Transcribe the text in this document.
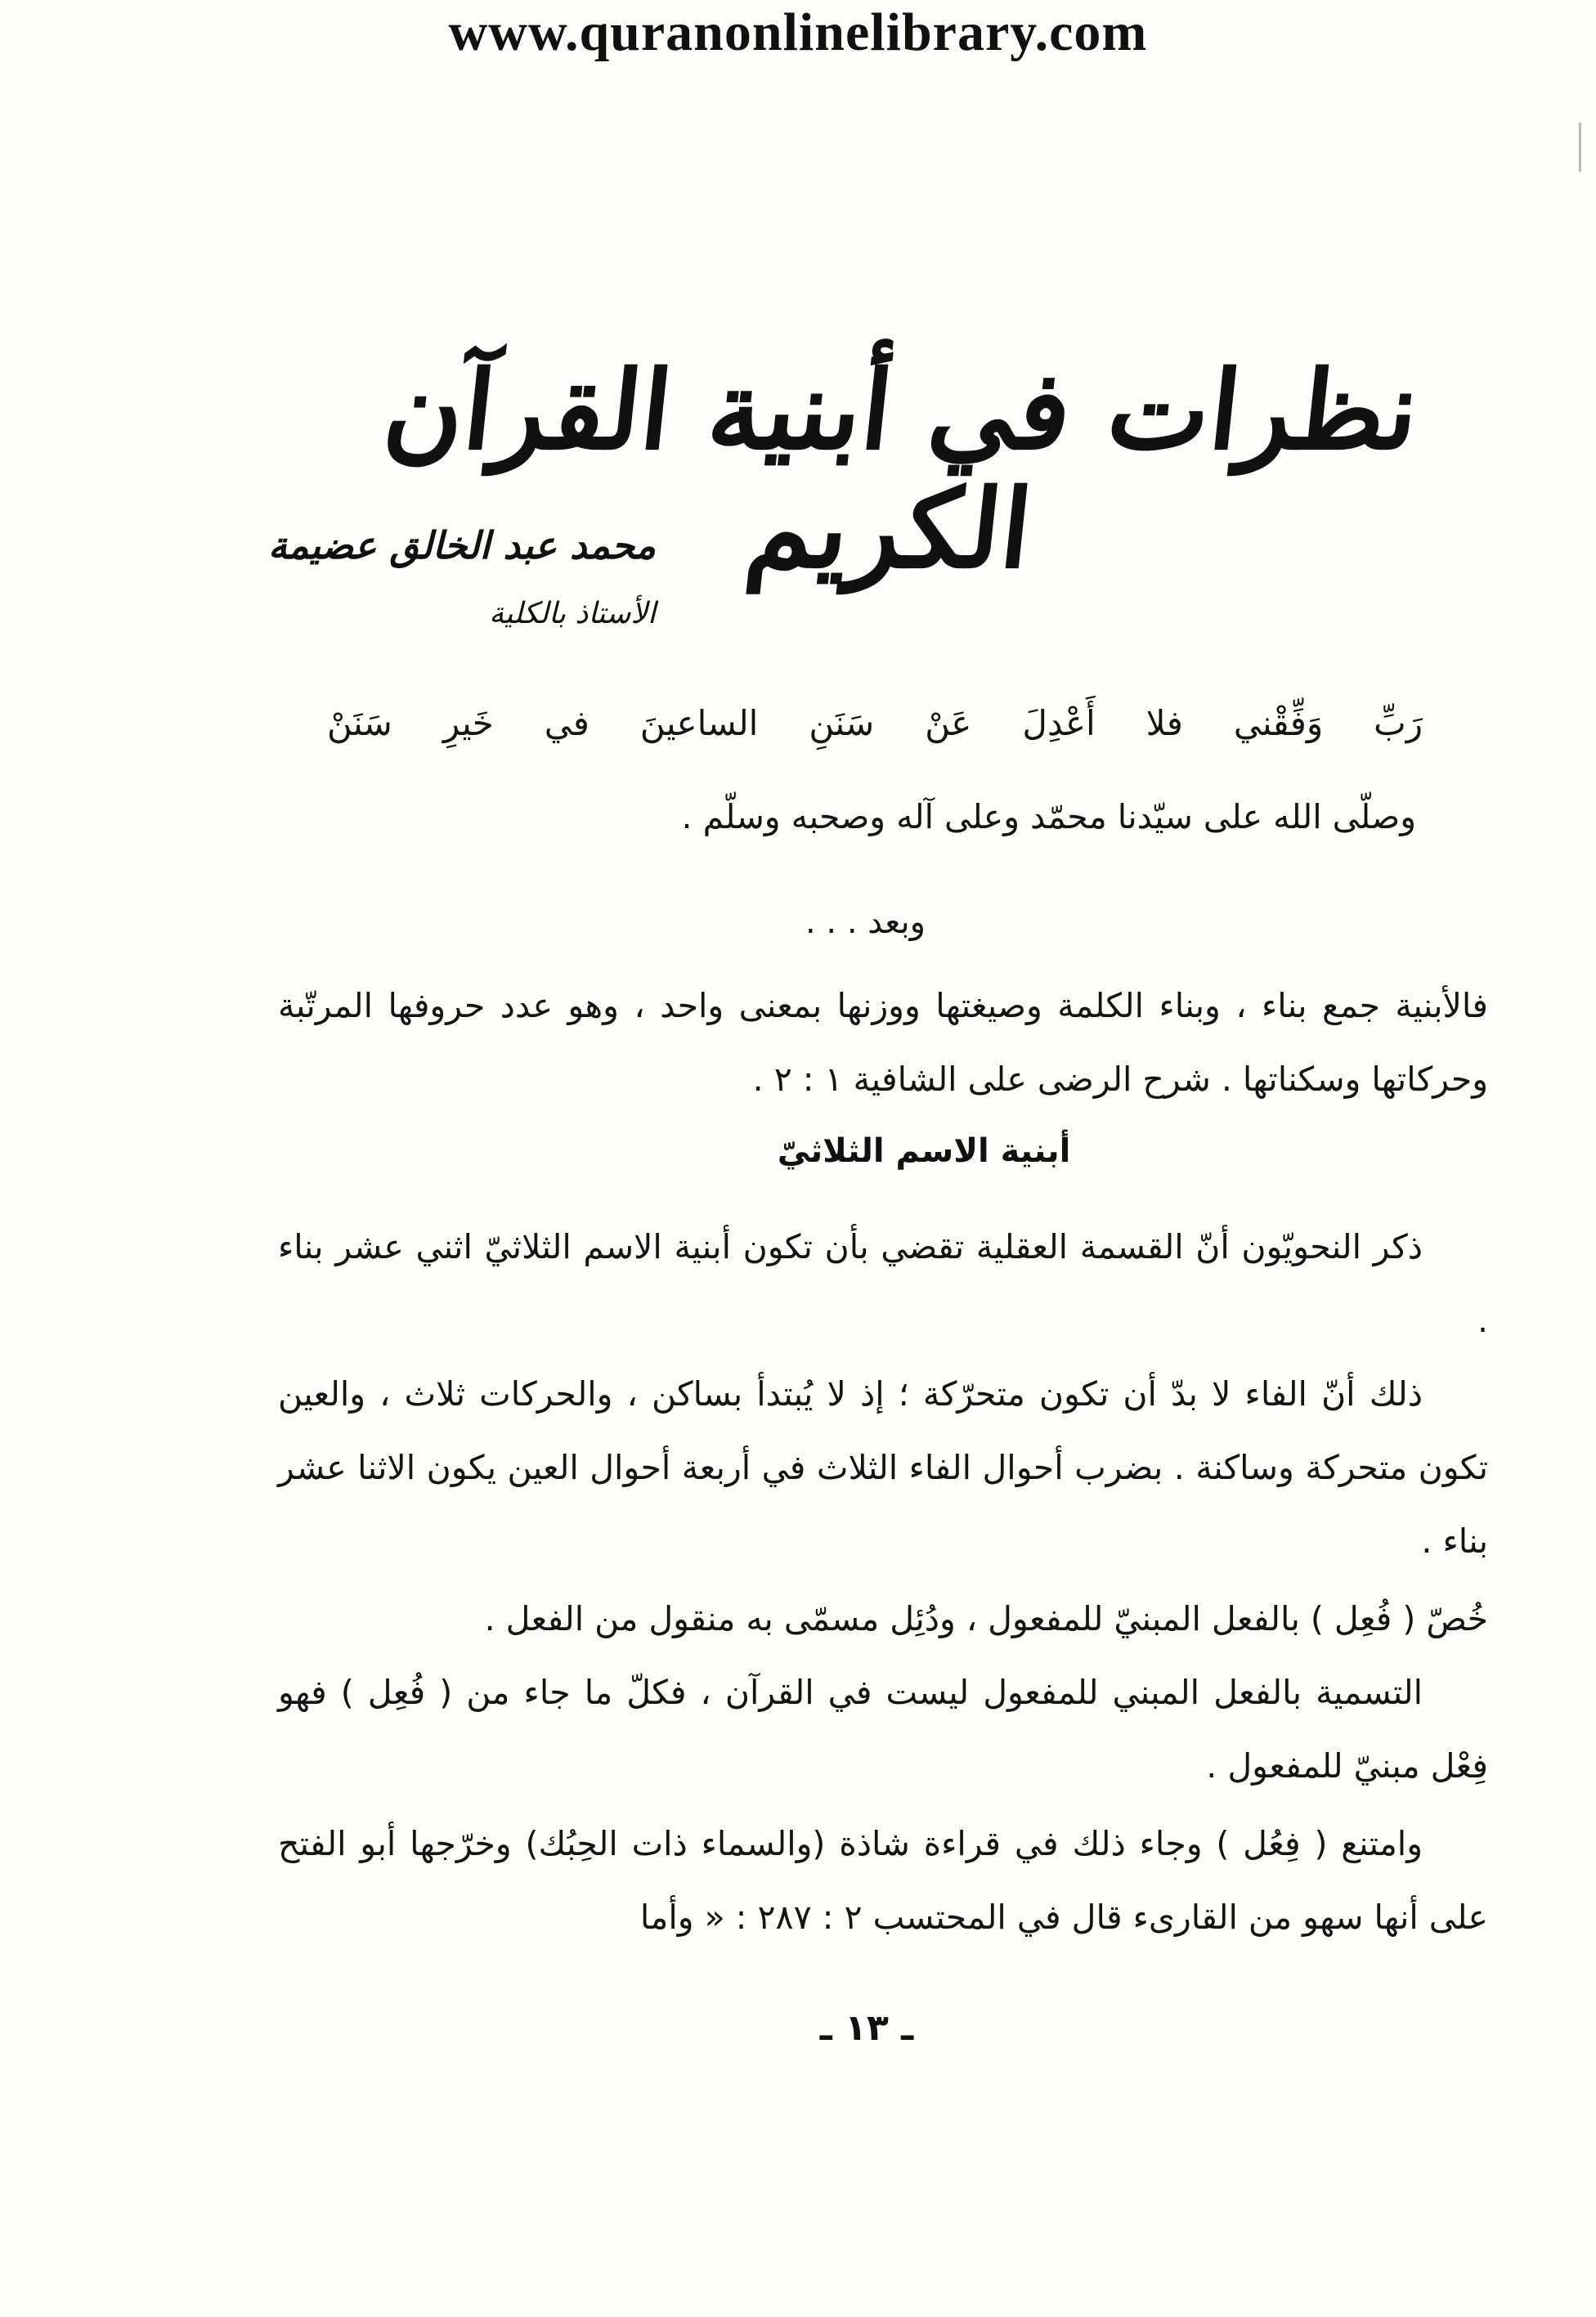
www.quranonlinelibrary.com
نظرات في أبنية القرآن الكريم
محمد عبد الخالق عضيمة
الأستاذ بالكلية
رَبِّ وَفِّقْني فلا أَعْدِلَ عَنْ سَنَنِ الساعينَ في خَيرِ سَنَنْ
وصلّى الله على سيّدنا محمّد وعلى آله وصحبه وسلّم .
وبعد . . .
فالأبنية جمع بناء ، وبناء الكلمة وصيغتها ووزنها بمعنى واحد ، وهو عدد حروفها المرتّبة وحركاتها وسكناتها . شرح الرضى على الشافية ١ : ٢ .
أبنية الاسم الثلاثيّ
ذكر النحويّون أنّ القسمة العقلية تقضي بأن تكون أبنية الاسم الثلاثيّ اثني عشر بناء .
ذلك أنّ الفاء لا بدّ أن تكون متحرّكة ؛ إذ لا يُبتدأ بساكن ، والحركات ثلاث ، والعين تكون متحركة وساكنة . بضرب أحوال الفاء الثلاث في أربعة أحوال العين يكون الاثنا عشر بناء .
خُصّ ( فُعِل ) بالفعل المبنيّ للمفعول ، ودُئِل مسمّى به منقول من الفعل .
التسمية بالفعل المبني للمفعول ليست في القرآن ، فكلّ ما جاء من ( فُعِل ) فهو فِعْل مبنيّ للمفعول .
وامتنع ( فِعُل ) وجاء ذلك في قراءة شاذة (والسماء ذات الحِبُك) وخرّجها أبو الفتح على أنها سهو من القارىء قال في المحتسب ٢ : ٢٨٧ : « وأما
ـ ١٣ ـ
